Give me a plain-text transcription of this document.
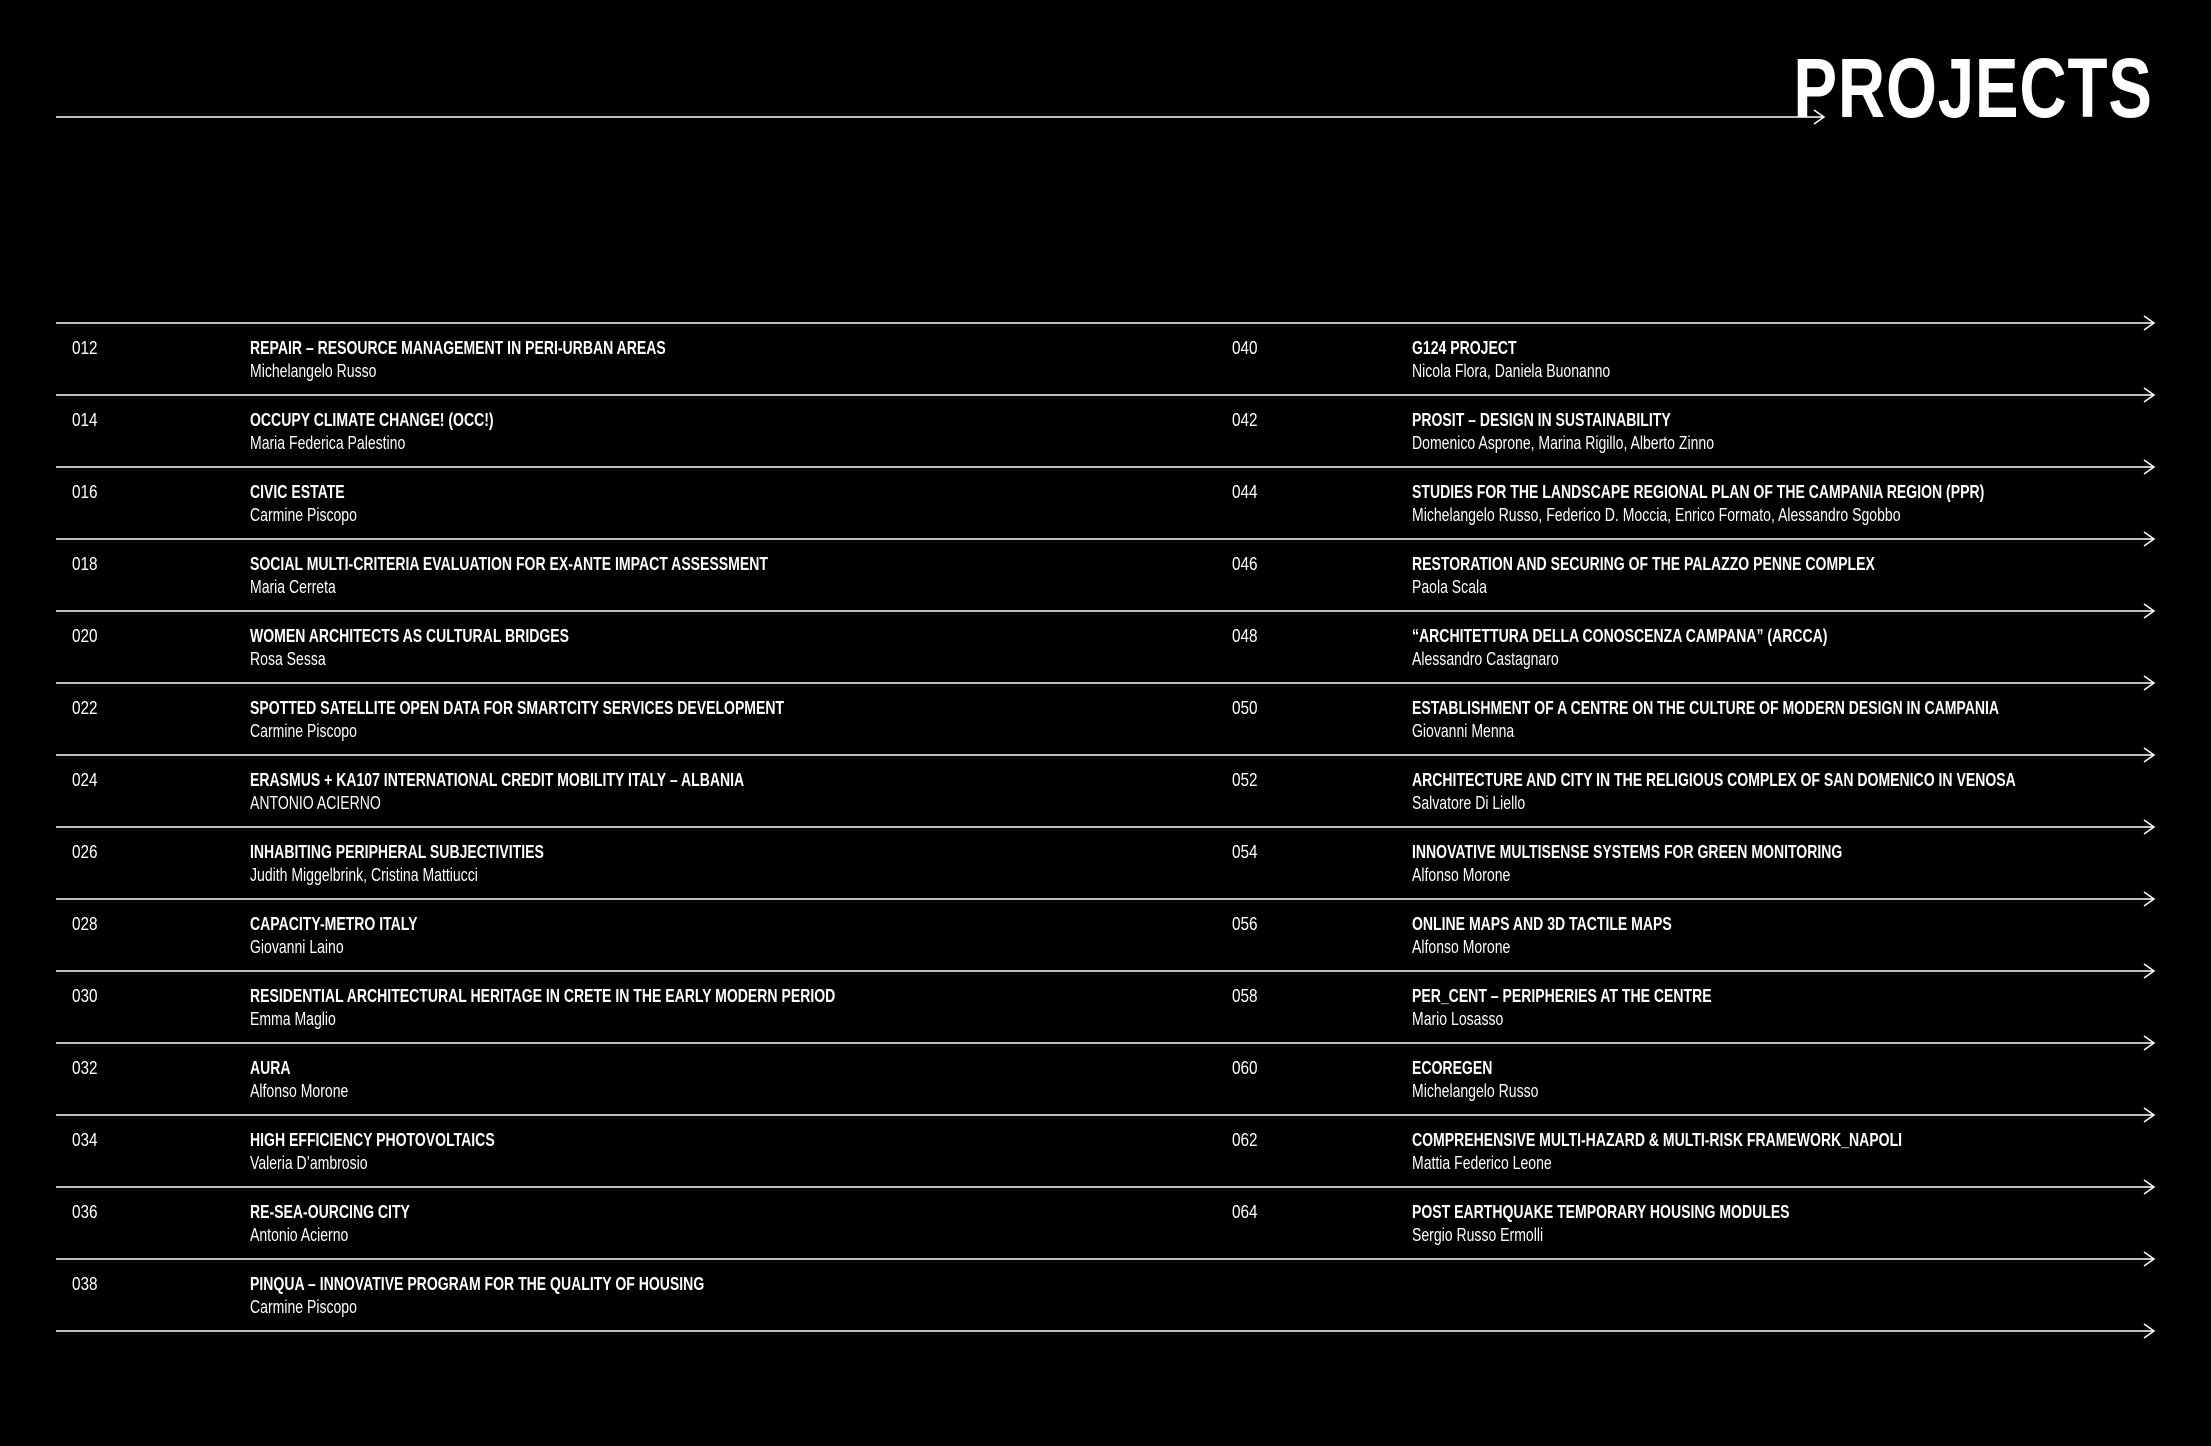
PROJECTS
012	REPAIR – RESOURCE MANAGEMENT IN PERI-URBAN AREAS
Michelangelo Russo
014	OCCUPY CLIMATE CHANGE! (OCC!)
Maria Federica Palestino
016	CIVIC ESTATE
Carmine Piscopo
018	SOCIAL MULTI-CRITERIA EVALUATION FOR EX-ANTE IMPACT ASSESSMENT
Maria Cerreta
020	WOMEN ARCHITECTS AS CULTURAL BRIDGES
Rosa Sessa
022	SPOTTED SATELLITE OPEN DATA FOR SMARTCITY SERVICES DEVELOPMENT
Carmine Piscopo
024	ERASMUS + KA107 INTERNATIONAL CREDIT MOBILITY ITALY – ALBANIA
ANTONIO ACIERNO
026	INHABITING PERIPHERAL SUBJECTIVITIES
Judith Miggelbrink, Cristina Mattiucci
028	CAPACITY-METRO ITALY
Giovanni Laino
030	RESIDENTIAL ARCHITECTURAL HERITAGE IN CRETE IN THE EARLY MODERN PERIOD
Emma Maglio
032	AURA
Alfonso Morone
034	HIGH EFFICIENCY PHOTOVOLTAICS
Valeria D’ambrosio
036	RE-SEA-OURCING CITY
Antonio Acierno
038	PINQUA – INNOVATIVE PROGRAM FOR THE QUALITY OF HOUSING
Carmine Piscopo
040	G124 PROJECT
Nicola Flora, Daniela Buonanno
042	PROSIT – DESIGN IN SUSTAINABILITY
Domenico Asprone, Marina Rigillo, Alberto Zinno
044	STUDIES FOR THE LANDSCAPE REGIONAL PLAN OF THE CAMPANIA REGION (PPR)
Michelangelo Russo, Federico D. Moccia, Enrico Formato, Alessandro Sgobbo
046	RESTORATION AND SECURING OF THE PALAZZO PENNE COMPLEX
Paola Scala
048	“ARCHITETTURA DELLA CONOSCENZA CAMPANA” (ARCCA)
Alessandro Castagnaro
050	ESTABLISHMENT OF A CENTRE ON THE CULTURE OF MODERN DESIGN IN CAMPANIA
Giovanni Menna
052	ARCHITECTURE AND CITY IN THE RELIGIOUS COMPLEX OF SAN DOMENICO IN VENOSA
Salvatore Di Liello
054	INNOVATIVE MULTISENSE SYSTEMS FOR GREEN MONITORING
Alfonso Morone
056	ONLINE MAPS AND 3D TACTILE MAPS
Alfonso Morone
058	PER_CENT – PERIPHERIES AT THE CENTRE
Mario Losasso
060	ECOREGEN
Michelangelo Russo
062	COMPREHENSIVE MULTI-HAZARD & MULTI-RISK FRAMEWORK_NAPOLI
Mattia Federico Leone
064	POST EARTHQUAKE TEMPORARY HOUSING MODULES
Sergio Russo Ermolli
